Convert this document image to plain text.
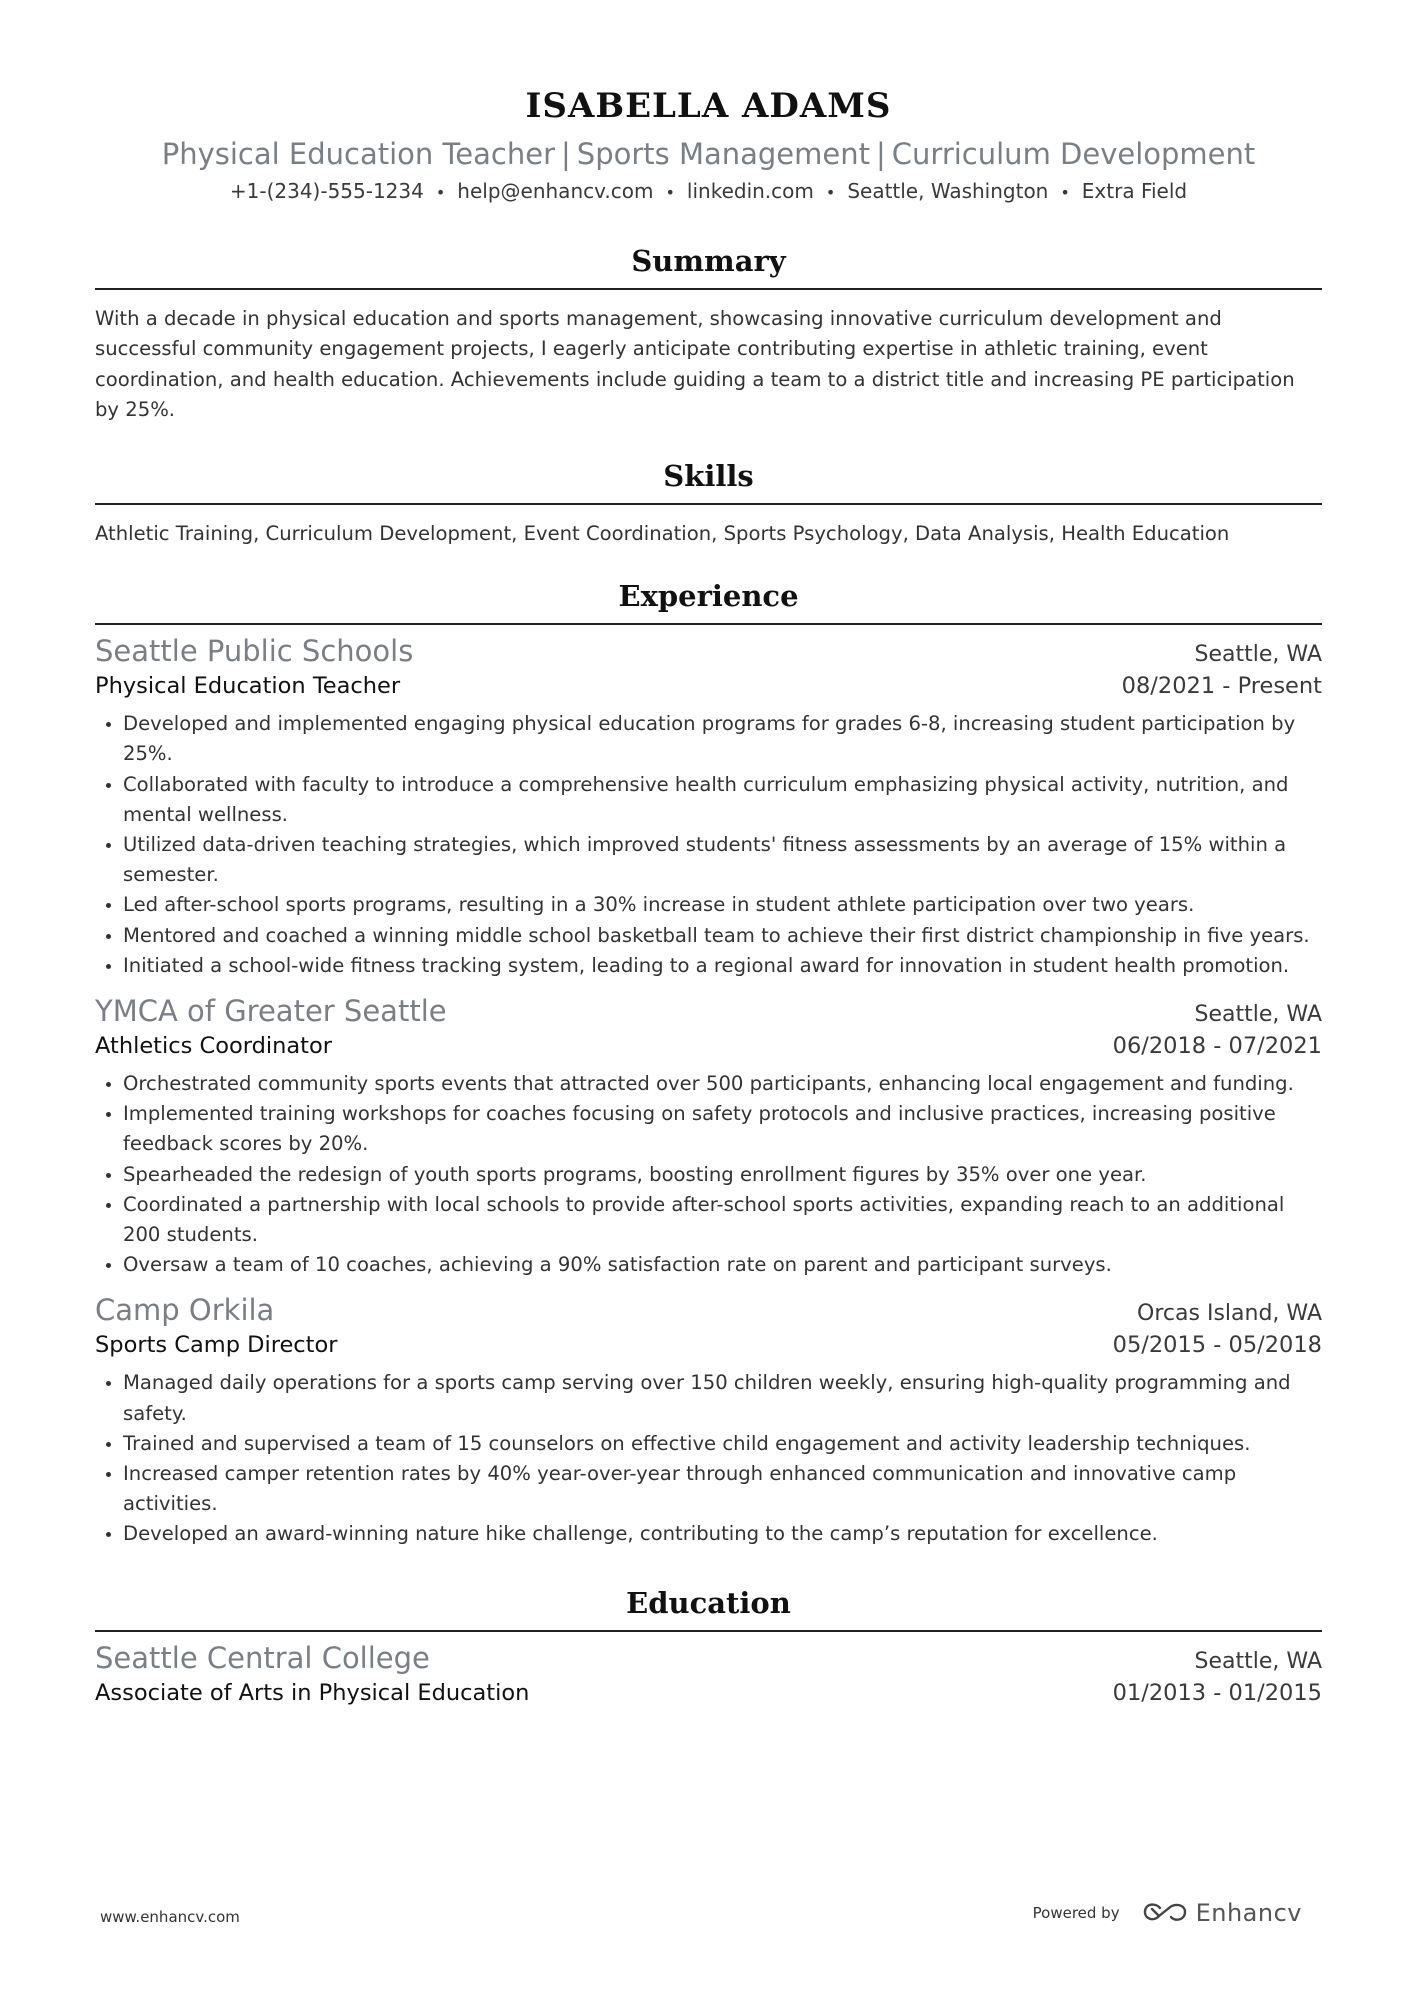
ISABELLA ADAMS
Physical Education Teacher | Sports Management | Curriculum Development
+1-(234)-555-1234 • help@enhancv.com • linkedin.com • Seattle, Washington • Extra Field
Summary
With a decade in physical education and sports management, showcasing innovative curriculum development and successful community engagement projects, I eagerly anticipate contributing expertise in athletic training, event coordination, and health education. Achievements include guiding a team to a district title and increasing PE participation by 25%.
Skills
Athletic Training, Curriculum Development, Event Coordination, Sports Psychology, Data Analysis, Health Education
Experience
Seattle Public Schools	Seattle, WA
Physical Education Teacher	08/2021 - Present
• Developed and implemented engaging physical education programs for grades 6-8, increasing student participation by 25%.
• Collaborated with faculty to introduce a comprehensive health curriculum emphasizing physical activity, nutrition, and mental wellness.
• Utilized data-driven teaching strategies, which improved students' fitness assessments by an average of 15% within a semester.
• Led after-school sports programs, resulting in a 30% increase in student athlete participation over two years.
• Mentored and coached a winning middle school basketball team to achieve their first district championship in five years.
• Initiated a school-wide fitness tracking system, leading to a regional award for innovation in student health promotion.
YMCA of Greater Seattle	Seattle, WA
Athletics Coordinator	06/2018 - 07/2021
• Orchestrated community sports events that attracted over 500 participants, enhancing local engagement and funding.
• Implemented training workshops for coaches focusing on safety protocols and inclusive practices, increasing positive feedback scores by 20%.
• Spearheaded the redesign of youth sports programs, boosting enrollment figures by 35% over one year.
• Coordinated a partnership with local schools to provide after-school sports activities, expanding reach to an additional 200 students.
• Oversaw a team of 10 coaches, achieving a 90% satisfaction rate on parent and participant surveys.
Camp Orkila	Orcas Island, WA
Sports Camp Director	05/2015 - 05/2018
• Managed daily operations for a sports camp serving over 150 children weekly, ensuring high-quality programming and safety.
• Trained and supervised a team of 15 counselors on effective child engagement and activity leadership techniques.
• Increased camper retention rates by 40% year-over-year through enhanced communication and innovative camp activities.
• Developed an award-winning nature hike challenge, contributing to the camp’s reputation for excellence.
Education
Seattle Central College	Seattle, WA
Associate of Arts in Physical Education	01/2013 - 01/2015
www.enhancv.com	Powered by	Enhancv
